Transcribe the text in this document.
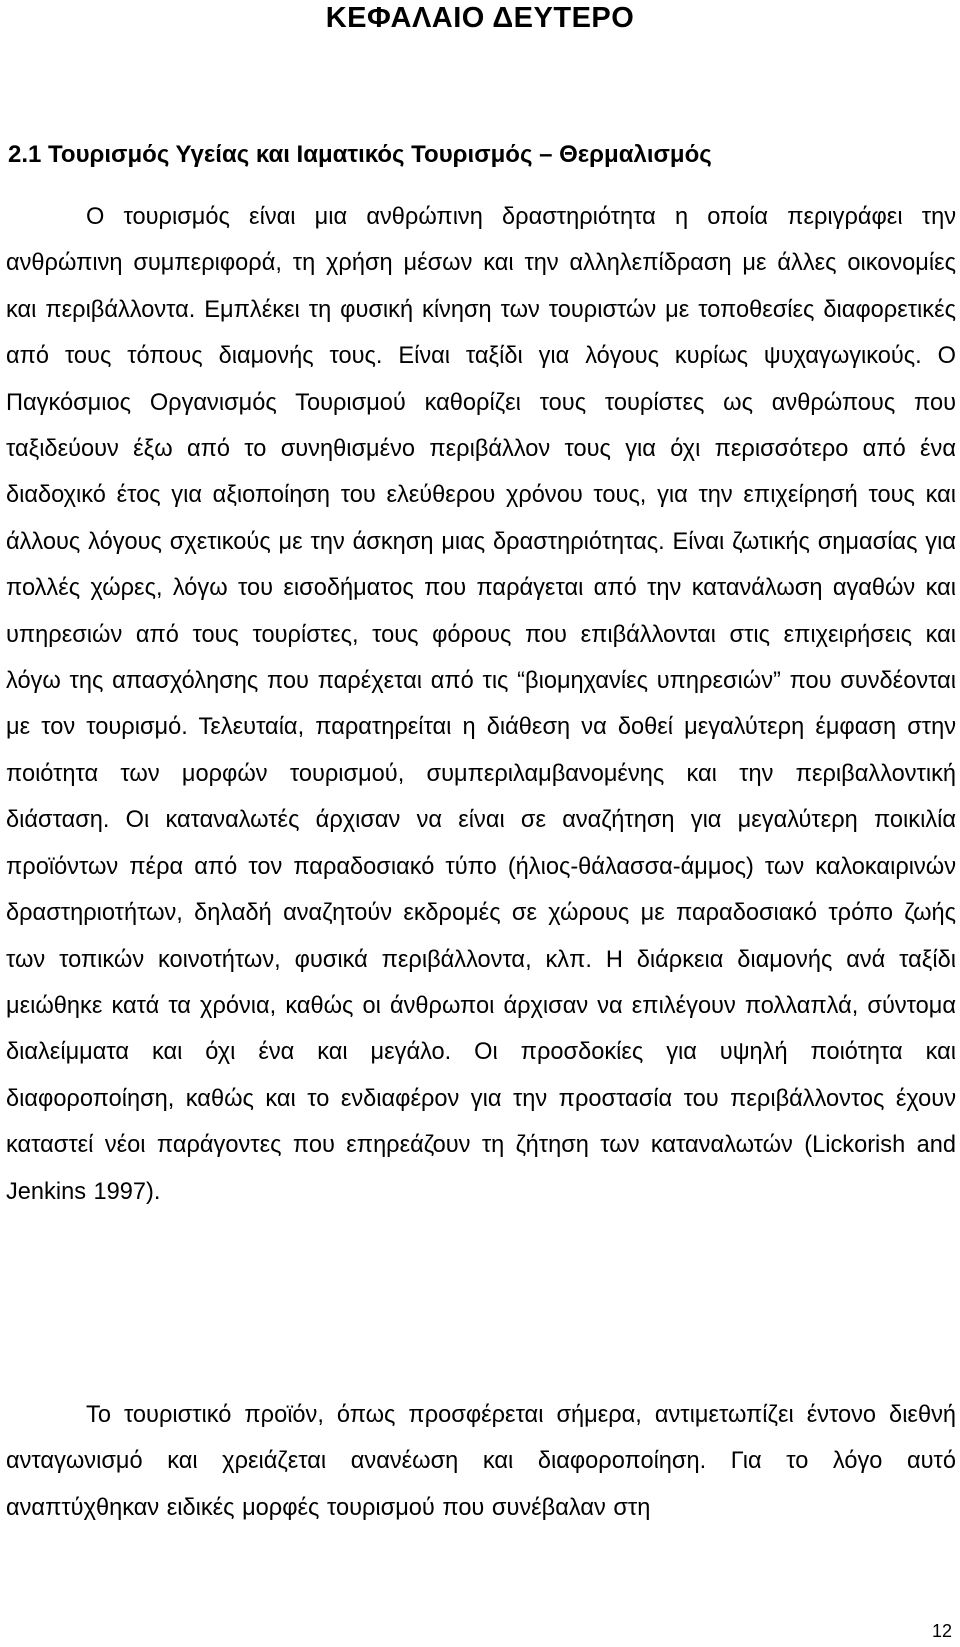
ΚΕΦΑΛΑΙΟ ΔΕΥΤΕΡΟ
2.1 Τουρισμός Υγείας και Ιαματικός Τουρισμός – Θερμαλισμός

Ο τουρισμός είναι μια ανθρώπινη δραστηριότητα η οποία περιγράφει την ανθρώπινη συμπεριφορά, τη χρήση μέσων και την αλληλεπίδραση με άλλες οικονομίες και περιβάλλοντα. Εμπλέκει τη φυσική κίνηση των τουριστών με τοποθεσίες διαφορετικές από τους τόπους διαμονής τους. Είναι ταξίδι για λόγους κυρίως ψυχαγωγικούς. Ο Παγκόσμιος Οργανισμός Τουρισμού καθορίζει τους τουρίστες ως ανθρώπους που ταξιδεύουν έξω από το συνηθισμένο περιβάλλον τους για όχι περισσότερο από ένα διαδοχικό έτος για αξιοποίηση του ελεύθερου χρόνου τους, για την επιχείρησή τους και άλλους λόγους σχετικούς με την άσκηση μιας δραστηριότητας. Είναι ζωτικής σημασίας για πολλές χώρες, λόγω του εισοδήματος που παράγεται από την κατανάλωση αγαθών και υπηρεσιών από τους τουρίστες, τους φόρους που επιβάλλονται στις επιχειρήσεις και λόγω της απασχόλησης που παρέχεται από τις “βιομηχανίες υπηρεσιών” που συνδέονται με τον τουρισμό. Τελευταία, παρατηρείται η διάθεση να δοθεί μεγαλύτερη έμφαση στην ποιότητα των μορφών τουρισμού, συμπεριλαμβανομένης και την περιβαλλοντική διάσταση. Οι καταναλωτές άρχισαν να είναι σε αναζήτηση για μεγαλύτερη ποικιλία προϊόντων πέρα από τον παραδοσιακό τύπο (ήλιος-θάλασσα-άμμος) των καλοκαιρινών δραστηριοτήτων, δηλαδή αναζητούν εκδρομές σε χώρους με παραδοσιακό τρόπο ζωής των τοπικών κοινοτήτων, φυσικά περιβάλλοντα, κλπ. Η διάρκεια διαμονής ανά ταξίδι μειώθηκε κατά τα χρόνια, καθώς οι άνθρωποι άρχισαν να επιλέγουν πολλαπλά, σύντομα διαλείμματα και όχι ένα και μεγάλο. Οι προσδοκίες για υψηλή ποιότητα και διαφοροποίηση, καθώς και το ενδιαφέρον για την προστασία του περιβάλλοντος έχουν καταστεί νέοι παράγοντες που επηρεάζουν τη ζήτηση των καταναλωτών (Lickorish and Jenkins 1997).

Το τουριστικό προϊόν, όπως προσφέρεται σήμερα, αντιμετωπίζει έντονο διεθνή ανταγωνισμό και χρειάζεται ανανέωση και διαφοροποίηση. Για το λόγο αυτό αναπτύχθηκαν ειδικές μορφές τουρισμού που συνέβαλαν στη

12
